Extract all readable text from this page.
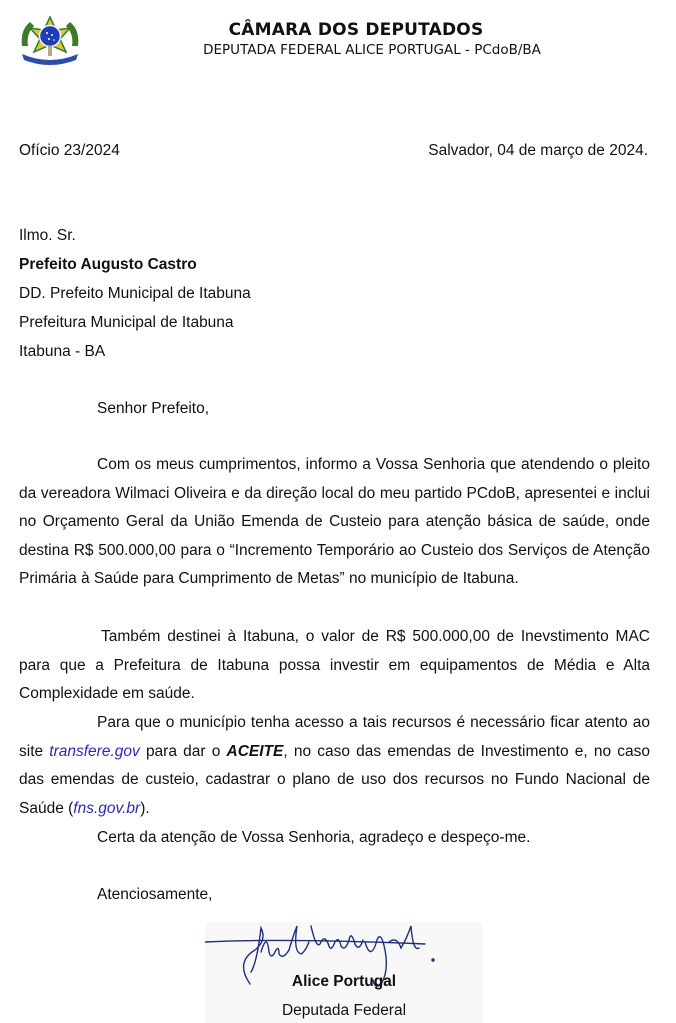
CÂMARA DOS DEPUTADOS
DEPUTADA FEDERAL ALICE PORTUGAL - PCdoB/BA
Ofício 23/2024	Salvador, 04 de março de 2024.
Ilmo. Sr.
Prefeito Augusto Castro
DD. Prefeito Municipal de Itabuna
Prefeitura Municipal de Itabuna
Itabuna - BA
Senhor Prefeito,
Com os meus cumprimentos, informo a Vossa Senhoria que atendendo o pleito da vereadora Wilmaci Oliveira e da direção local do meu partido PCdoB, apresentei e inclui no Orçamento Geral da União Emenda de Custeio para atenção básica de saúde, onde destina R$ 500.000,00 para o “Incremento Temporário ao Custeio dos Serviços de Atenção Primária à Saúde para Cumprimento de Metas” no município de Itabuna.
Também destinei à Itabuna, o valor de R$ 500.000,00 de Inevstimento MAC para que a Prefeitura de Itabuna possa investir em equipamentos de Média e Alta Complexidade em saúde.
Para que o município tenha acesso a tais recursos é necessário ficar atento ao site transfere.gov para dar o ACEITE, no caso das emendas de Investimento e, no caso das emendas de custeio, cadastrar o plano de uso dos recursos no Fundo Nacional de Saúde (fns.gov.br).
Certa da atenção de Vossa Senhoria, agradeço e despeço-me.
Atenciosamente,
Alice Portugal
Deputada Federal
